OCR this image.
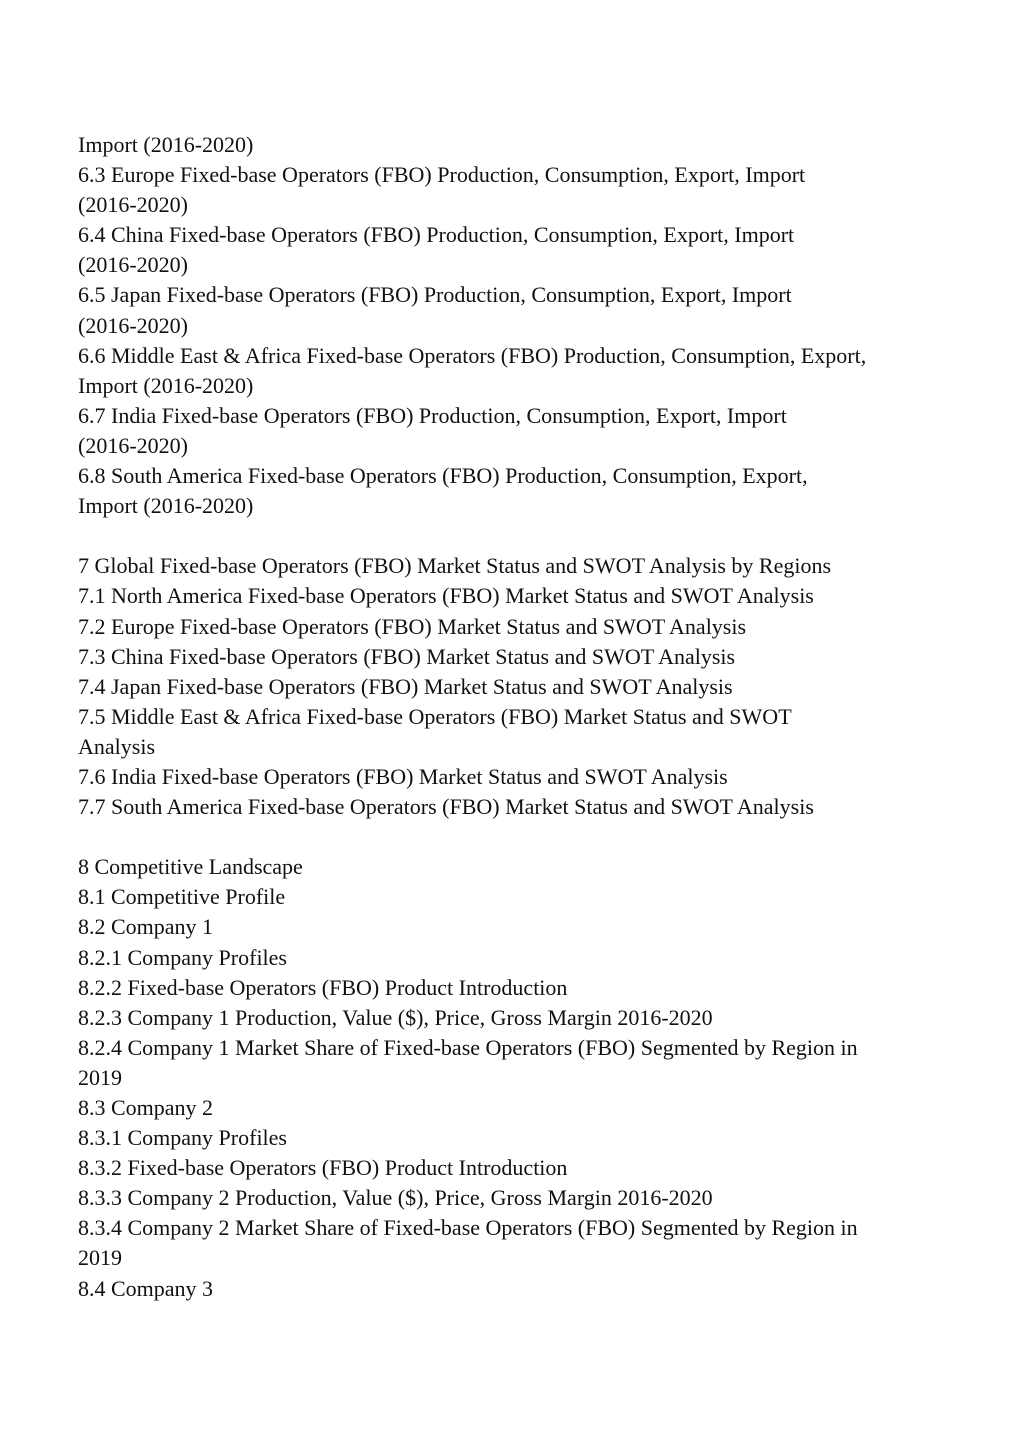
Import (2016-2020)
6.3 Europe Fixed-base Operators (FBO) Production, Consumption, Export, Import
(2016-2020)
6.4 China Fixed-base Operators (FBO) Production, Consumption, Export, Import
(2016-2020)
6.5 Japan Fixed-base Operators (FBO) Production, Consumption, Export, Import
(2016-2020)
6.6 Middle East & Africa Fixed-base Operators (FBO) Production, Consumption, Export,
Import (2016-2020)
6.7 India Fixed-base Operators (FBO) Production, Consumption, Export, Import
(2016-2020)
6.8 South America Fixed-base Operators (FBO) Production, Consumption, Export,
Import (2016-2020)
7 Global Fixed-base Operators (FBO) Market Status and SWOT Analysis by Regions
7.1 North America Fixed-base Operators (FBO) Market Status and SWOT Analysis
7.2 Europe Fixed-base Operators (FBO) Market Status and SWOT Analysis
7.3 China Fixed-base Operators (FBO) Market Status and SWOT Analysis
7.4 Japan Fixed-base Operators (FBO) Market Status and SWOT Analysis
7.5 Middle East & Africa Fixed-base Operators (FBO) Market Status and SWOT
Analysis
7.6 India Fixed-base Operators (FBO) Market Status and SWOT Analysis
7.7 South America Fixed-base Operators (FBO) Market Status and SWOT Analysis
8 Competitive Landscape
8.1 Competitive Profile
8.2 Company 1
8.2.1 Company Profiles
8.2.2 Fixed-base Operators (FBO) Product Introduction
8.2.3 Company 1 Production, Value ($), Price, Gross Margin 2016-2020
8.2.4 Company 1 Market Share of Fixed-base Operators (FBO) Segmented by Region in
2019
8.3 Company 2
8.3.1 Company Profiles
8.3.2 Fixed-base Operators (FBO) Product Introduction
8.3.3 Company 2 Production, Value ($), Price, Gross Margin 2016-2020
8.3.4 Company 2 Market Share of Fixed-base Operators (FBO) Segmented by Region in
2019
8.4 Company 3
